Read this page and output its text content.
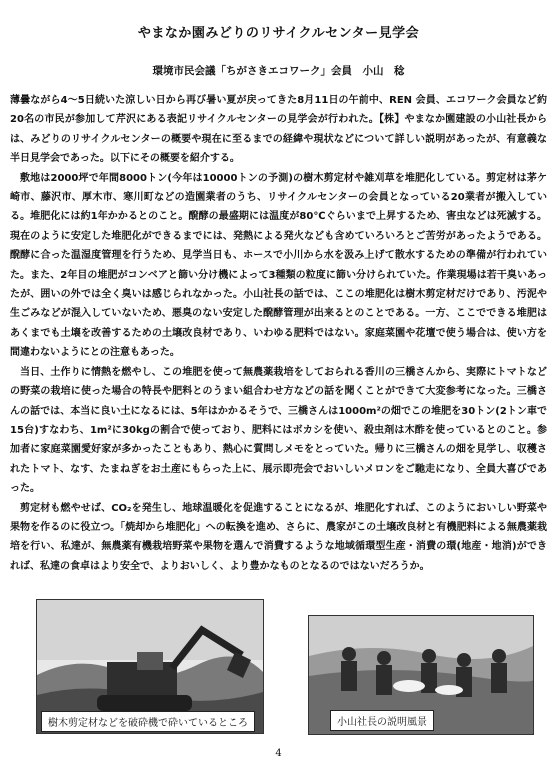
やまなか園みどりのリサイクルセンター見学会
環境市民会議「ちがさきエコワーク」会員　小山　稔

薄曇ながら4～5日続いた涼しい日から再び暑い夏が戻ってきた8月11日の午前中、REN 会員、エコワーク会員など約20名の市民が参加して芹沢にある表記リサイクルセンターの見学会が行われた。【株】やまなか園建設の小山社長からは、みどりのリサイクルセンターの概要や現在に至るまでの経緯や現状などについて詳しい説明があったが、有意義な半日見学会であった。以下にその概要を紹介する。

敷地は2000坪で年間8000トン(今年は10000トンの予測)の樹木剪定材や雑刈草を堆肥化している。剪定材は茅ケ崎市、藤沢市、厚木市、寒川町などの造園業者のうち、リサイクルセンターの会員となっている20業者が搬入している。堆肥化には約1年かかるとのこと。醗酵の最盛期には温度が80℃ぐらいまで上昇するため、害虫などは死滅する。現在のように安定した堆肥化ができるまでには、発熱による発火なども含めていろいろとご苦労があったようである。醗酵に合った温湿度管理を行うため、見学当日も、ホースで小川から水を汲み上げて散水するための準備が行われていた。また、2年目の堆肥がコンベアと篩い分け機によって3種類の粒度に篩い分けられていた。作業現場は若干臭いあったが、囲いの外では全く臭いは感じられなかった。小山社長の話では、ここの堆肥化は樹木剪定材だけであり、汚泥や生ごみなどが混入していないため、悪臭のない安定した醗酵管理が出来るとのことである。一方、ここでできる堆肥はあくまでも土壌を改善するための土壌改良材であり、いわゆる肥料ではない。家庭菜園や花壇で使う場合は、使い方を間違わないようにとの注意もあった。

当日、土作りに情熱を燃やし、この堆肥を使って無農薬栽培をしておられる香川の三橋さんから、実際にトマトなどの野菜の栽培に使った場合の特長や肥料とのうまい組合わせ方などの話を聞くことができて大変参考になった。三橋さんの話では、本当に良い土になるには、5年はかかるそうで、三橋さんは1000m²の畑でこの堆肥を30トン(2トン車で15台)すなわち、1m²に30kgの割合で使っており、肥料にはボカシを使い、殺虫剤は木酢を使っているとのこと。参加者に家庭菜園愛好家が多かったこともあり、熱心に質問しメモをとっていた。帰りに三橋さんの畑を見学し、収穫されたトマト、なす、たまねぎをお土産にもらった上に、展示即売会でおいしいメロンをご馳走になり、全員大喜びであった。

剪定材も燃やせば、CO₂を発生し、地球温暖化を促進することになるが、堆肥化すれば、このようにおいしい野菜や果物を作るのに役立つ。「焼却から堆肥化」への転換を進め、さらに、農家がこの土壌改良材と有機肥料による無農薬栽培を行い、私達が、無農薬有機栽培野菜や果物を選んで消費するような地域循環型生産・消費の環(地産・地消)ができれば、私達の食卓はより安全で、よりおいしく、より豊かなものとなるのではないだろうか。

樹木剪定材などを破砕機で砕いているところ	小山社長の説明風景
4
